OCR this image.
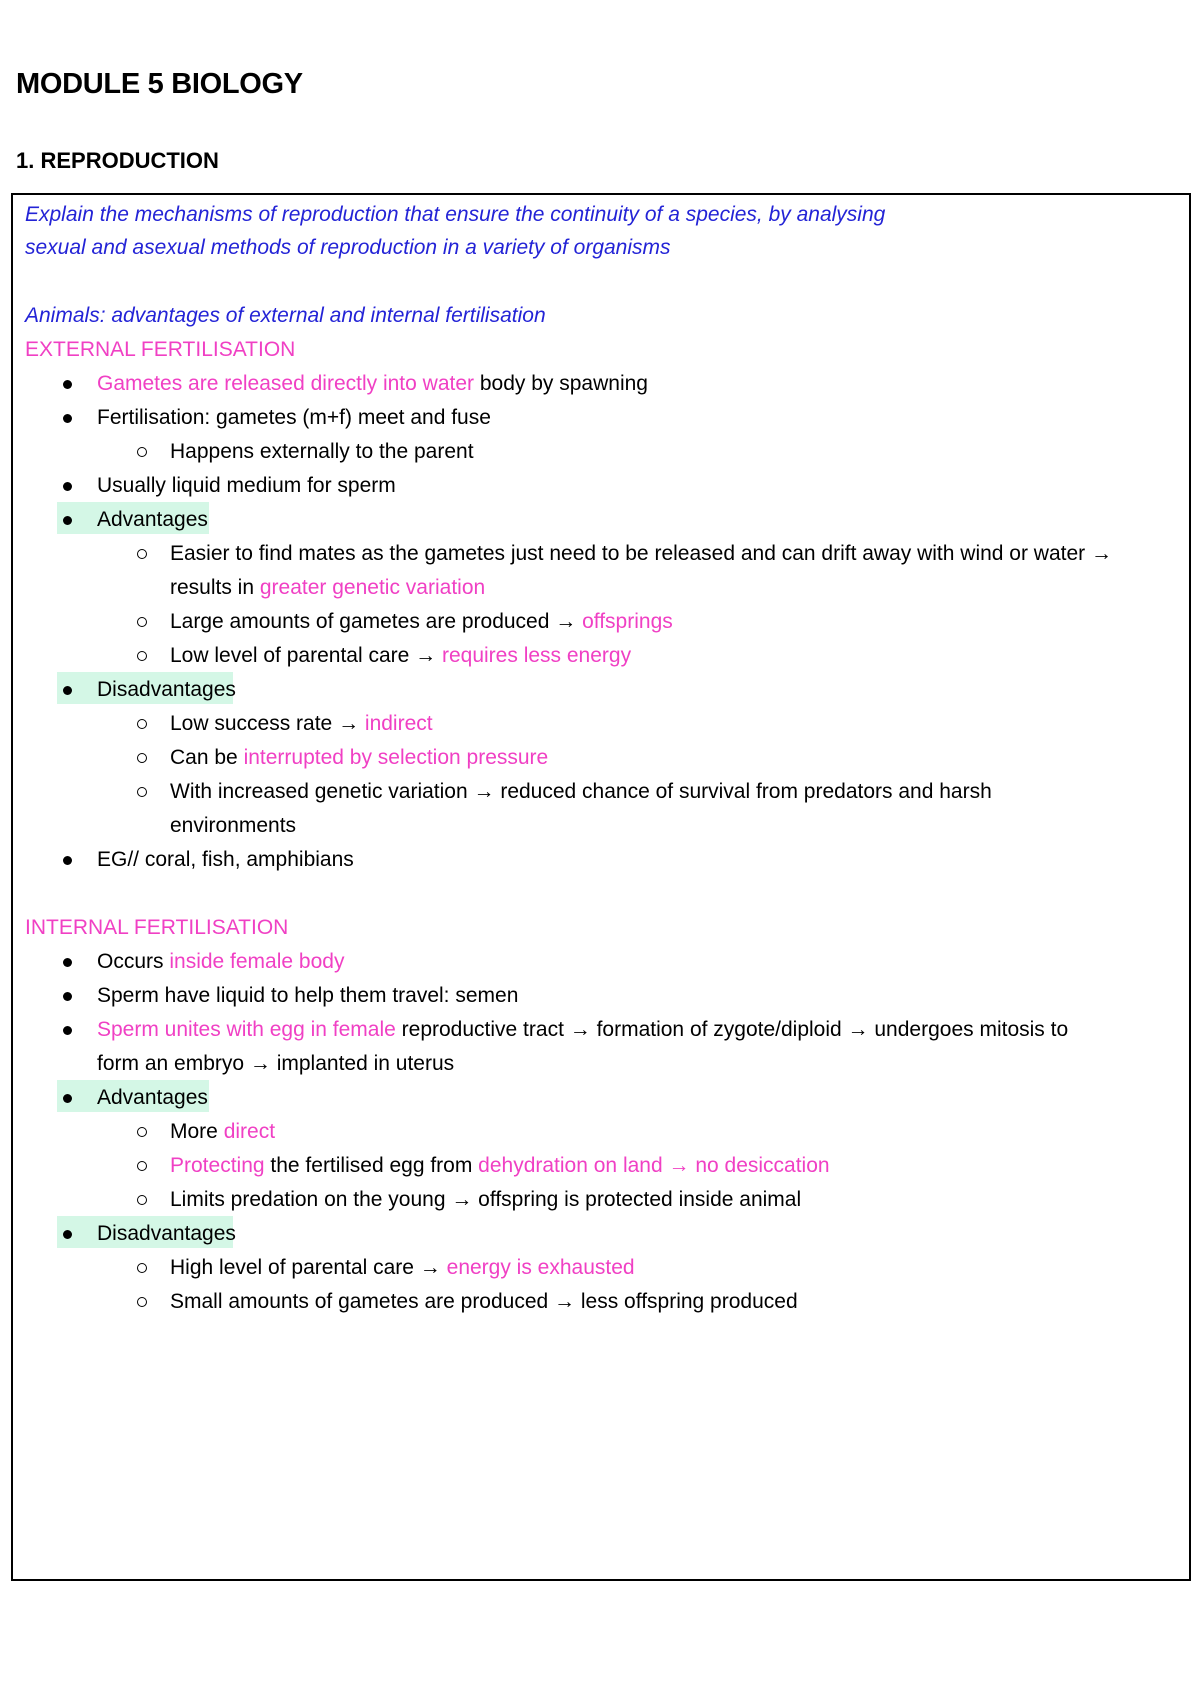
MODULE 5 BIOLOGY
1. REPRODUCTION
Explain the mechanisms of reproduction that ensure the continuity of a species, by analysing
sexual and asexual methods of reproduction in a variety of organisms
Animals: advantages of external and internal fertilisation
EXTERNAL FERTILISATION
Gametes are released directly into water body by spawning
Fertilisation: gametes (m+f) meet and fuse
Happens externally to the parent
Usually liquid medium for sperm
Advantages
Easier to find mates as the gametes just need to be released and can drift away with wind or water →
results in greater genetic variation
Large amounts of gametes are produced → offsprings
Low level of parental care → requires less energy
Disadvantages
Low success rate → indirect
Can be interrupted by selection pressure
With increased genetic variation → reduced chance of survival from predators and harsh
environments
EG// coral, fish, amphibians
INTERNAL FERTILISATION
Occurs inside female body
Sperm have liquid to help them travel: semen
Sperm unites with egg in female reproductive tract → formation of zygote/diploid → undergoes mitosis to
form an embryo → implanted in uterus
Advantages
More direct
Protecting the fertilised egg from dehydration on land → no desiccation
Limits predation on the young → offspring is protected inside animal
Disadvantages
High level of parental care → energy is exhausted
Small amounts of gametes are produced → less offspring produced
